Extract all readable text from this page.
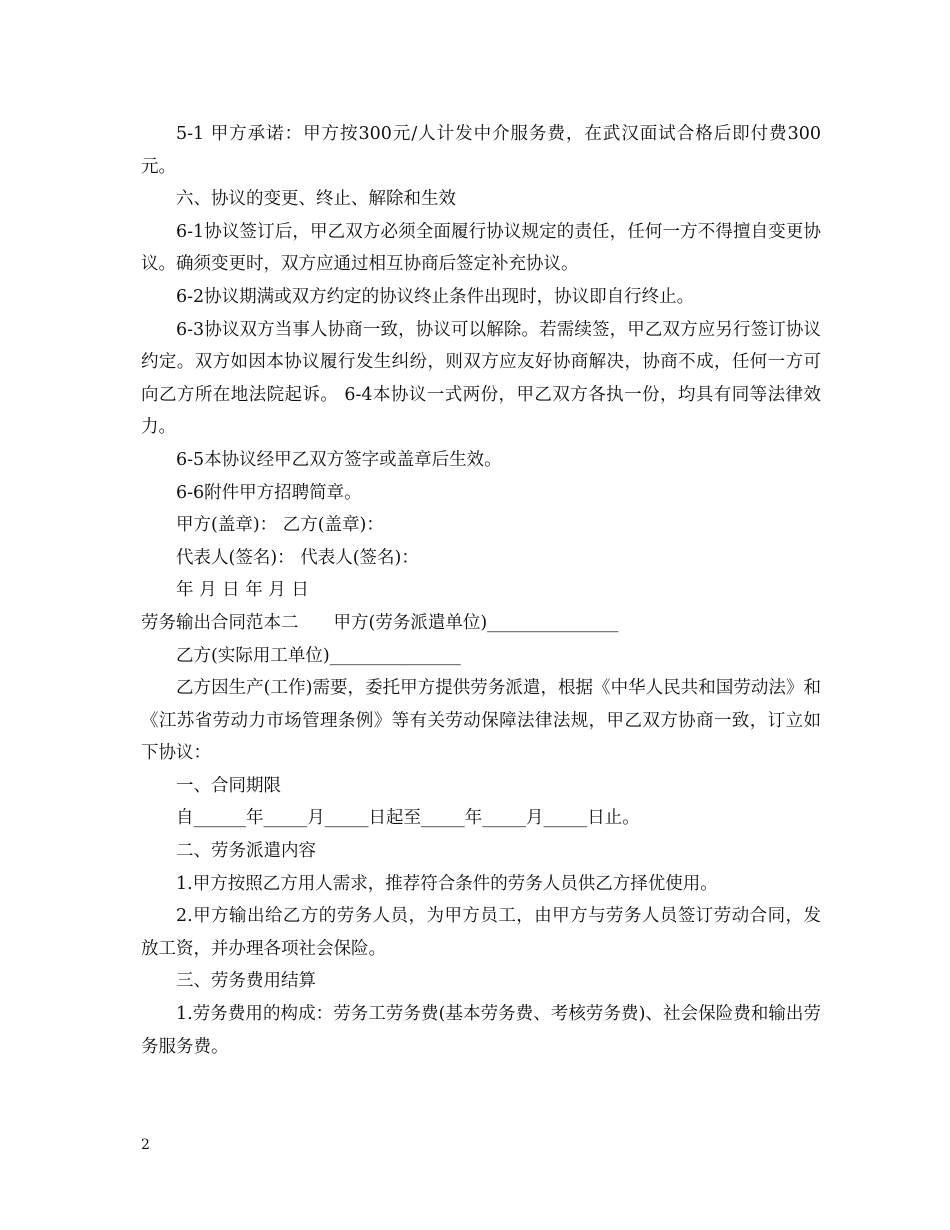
5-1 甲方承诺：甲方按300元/人计发中介服务费，在武汉面试合格后即付费300元。

六、协议的变更、终止、解除和生效

6-1协议签订后，甲乙双方必须全面履行协议规定的责任，任何一方不得擅自变更协议。确须变更时，双方应通过相互协商后签定补充协议。

6-2协议期满或双方约定的协议终止条件出现时，协议即自行终止。

6-3协议双方当事人协商一致，协议可以解除。若需续签，甲乙双方应另行签订协议约定。双方如因本协议履行发生纠纷，则双方应友好协商解决，协商不成，任何一方可向乙方所在地法院起诉。 6-4本协议一式两份，甲乙双方各执一份，均具有同等法律效力。

6-5本协议经甲乙双方签字或盖章后生效。

6-6附件甲方招聘简章。

甲方(盖章)： 乙方(盖章)：

代表人(签名)： 代表人(签名)：

年 月 日 年 月 日

劳务输出合同范本二　　甲方(劳务派遣单位)_______________

乙方(实际用工单位)_______________

乙方因生产(工作)需要，委托甲方提供劳务派遣，根据《中华人民共和国劳动法》和《江苏省劳动力市场管理条例》等有关劳动保障法律法规，甲乙双方协商一致，订立如下协议：

一、合同期限

自______年_____月_____日起至_____年_____月_____日止。

二、劳务派遣内容

1.甲方按照乙方用人需求，推荐符合条件的劳务人员供乙方择优使用。

2.甲方输出给乙方的劳务人员，为甲方员工，由甲方与劳务人员签订劳动合同，发放工资，并办理各项社会保险。

三、劳务费用结算

1.劳务费用的构成：劳务工劳务费(基本劳务费、考核劳务费)、社会保险费和输出劳务服务费。

2
